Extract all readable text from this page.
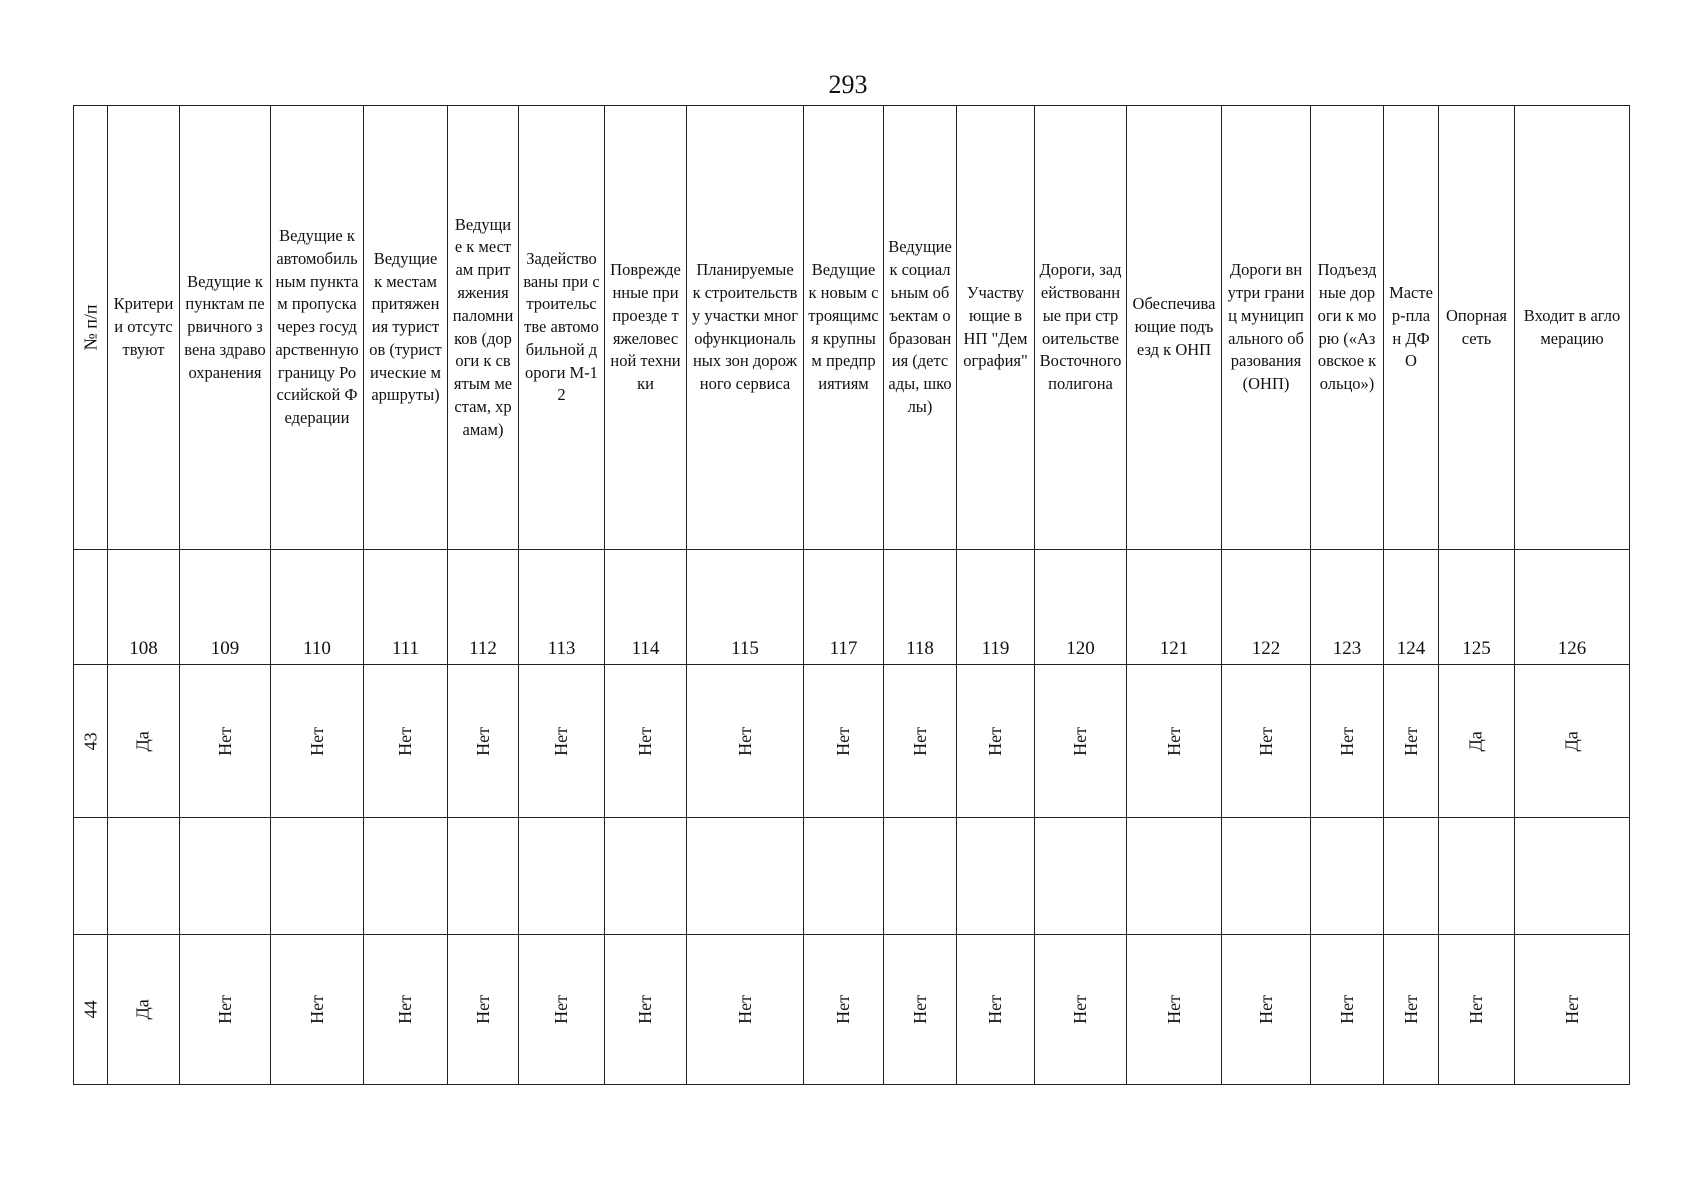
293
№ п/п	Критерии отсутствуют	Ведущие к пунктам первичного звена здравоохранения	Ведущие к автомобильным пунктам пропуска через государственную границу Российской Федерации	Ведущие к местам притяжения туристов (туристические маршруты)	Ведущие к местам притяжения паломников (дороги к святым местам, храмам)	Задействованы при строительстве автомобильной дороги М-12	Поврежденные при проезде тяжеловесной техники	Планируемые к строительству участки многофункциональных зон дорожного сервиса	Ведущие к новым строящимся крупным предприятиям	Ведущие к социальным объектам образования (детсады, школы)	Участвующие в НП "Демография"	Дороги, задействованные при строительстве Восточного полигона	Обеспечивающие подъезд к ОНП	Дороги внутри границ муниципального образования (ОНП)	Подъездные дороги к морю («Азовское кольцо»)	Мастер-план ДФО	Опорная сеть	Входит в агломерацию

	108	109	110	111	112	113	114	115	117	118	119	120	121	122	123	124	125	126

43	Да	Нет	Нет	Нет	Нет	Нет	Нет	Нет	Нет	Нет	Нет	Нет	Нет	Нет	Нет	Нет	Да	Да

44	Да	Нет	Нет	Нет	Нет	Нет	Нет	Нет	Нет	Нет	Нет	Нет	Нет	Нет	Нет	Нет	Нет	Нет
